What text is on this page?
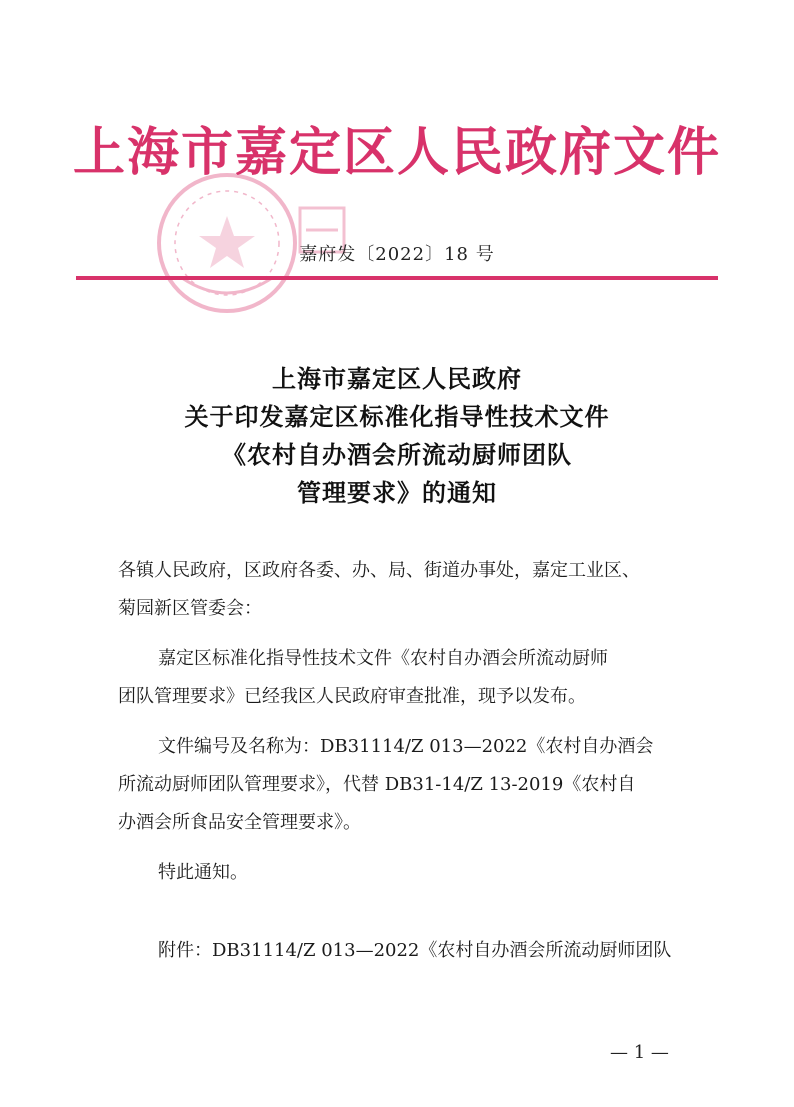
上海市嘉定区人民政府文件
嘉府发〔2022〕18 号
上海市嘉定区人民政府
关于印发嘉定区标准化指导性技术文件
《农村自办酒会所流动厨师团队
管理要求》的通知
各镇人民政府，区政府各委、办、局、街道办事处，嘉定工业区、
菊园新区管委会：
嘉定区标准化指导性技术文件《农村自办酒会所流动厨师
团队管理要求》已经我区人民政府审查批准，现予以发布。
文件编号及名称为：DB31114/Z 013—2022《农村自办酒会
所流动厨师团队管理要求》，代替 DB31-14/Z 13-2019《农村自
办酒会所食品安全管理要求》。
特此通知。
附件：DB31114/Z 013—2022《农村自办酒会所流动厨师团队
— 1 —
